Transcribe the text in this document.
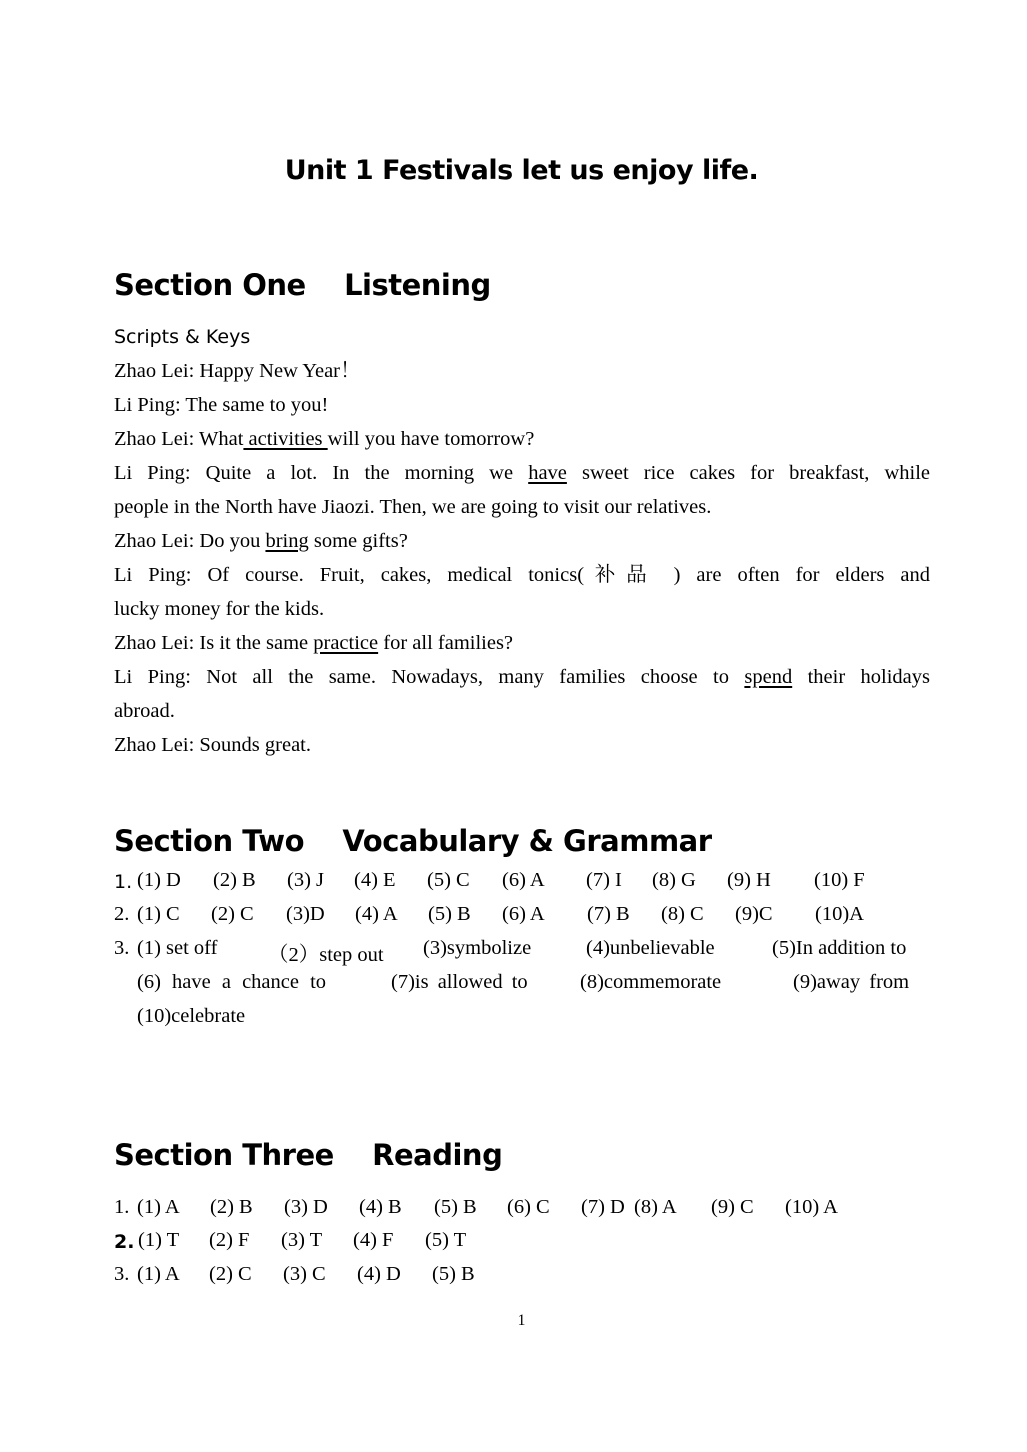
Unit 1 Festivals let us enjoy life.
Section One    Listening
Scripts & Keys
Zhao Lei: Happy New Year！
Li Ping: The same to you!
Zhao Lei: What activities will you have tomorrow?
Li Ping: Quite a lot. In the morning we have sweet rice cakes for breakfast, while
people in the North have Jiaozi. Then, we are going to visit our relatives.
Zhao Lei: Do you bring some gifts?
Li Ping: Of course. Fruit, cakes, medical tonics(补品 ) are often for elders and
lucky money for the kids.
Zhao Lei: Is it the same practice for all families?
Li Ping: Not all the same. Nowadays, many families choose to spend their holidays
abroad.
Zhao Lei: Sounds great.
Section Two    Vocabulary & Grammar
1. (1) D (2) B (3) J (4) E (5) C (6) A (7) I (8) G (9) H (10) F
2. (1) C (2) C (3)D (4) A (5) B (6) A (7) B (8) C (9)C (10)A
3. (1) set off （2）step out (3)symbolize	(4)unbelievable	(5)In addition to
(6) have a chance to	(7)is allowed to	(8)commemorate	(9)away from
(10)celebrate
Section Three    Reading
1. (1) A (2) B (3) D (4) B (5) B (6) C (7) D (8) A (9) C (10) A
2. (1) T (2) F (3) T (4) F (5) T
3. (1) A (2) C (3) C (4) D (5) B
1
